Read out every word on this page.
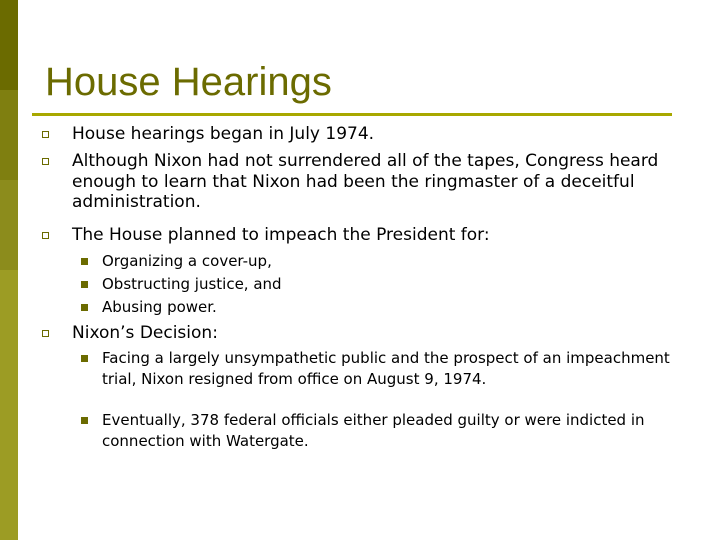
House Hearings

House hearings began in July 1974.

Although Nixon had not surrendered all of the tapes, Congress heard enough to learn that Nixon had been the ringmaster of a deceitful administration.

The House planned to impeach the President for:

Organizing a cover-up,

Obstructing justice, and

Abusing power.

Nixon’s Decision:

Facing a largely unsympathetic public and the prospect of an impeachment trial, Nixon resigned from office on August 9, 1974.

Eventually, 378 federal officials either pleaded guilty or were indicted in connection with Watergate.
